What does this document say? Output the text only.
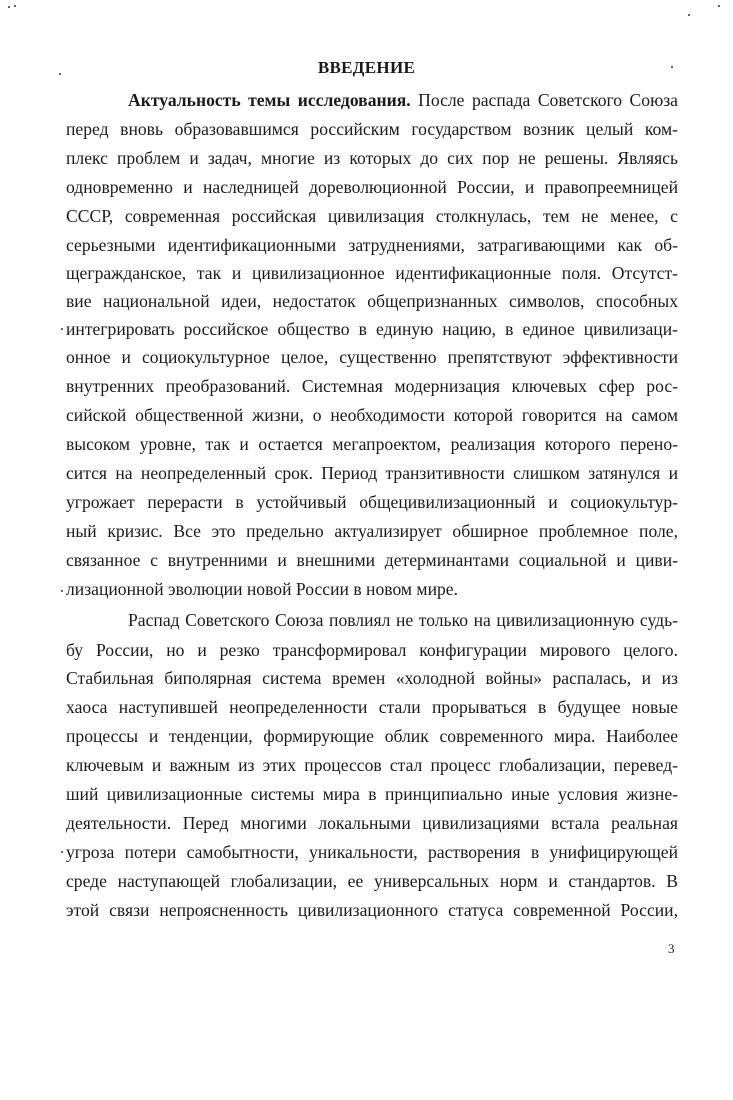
ВВЕДЕНИЕ
Актуальность темы исследования. После распада Советского Союза
перед вновь образовавшимся российским государством возник целый ком-
плекс проблем и задач, многие из которых до сих пор не решены. Являясь
одновременно и наследницей дореволюционной России, и правопреемницей
СССР, современная российская цивилизация столкнулась, тем не менее, с
серьезными идентификационными затруднениями, затрагивающими как об-
щегражданское, так и цивилизационное идентификационные поля. Отсутст-
вие национальной идеи, недостаток общепризнанных символов, способных
интегрировать российское общество в единую нацию, в единое цивилизаци-
онное и социокультурное целое, существенно препятствуют эффективности
внутренних преобразований. Системная модернизация ключевых сфер рос-
сийской общественной жизни, о необходимости которой говорится на самом
высоком уровне, так и остается мегапроектом, реализация которого перено-
сится на неопределенный срок. Период транзитивности слишком затянулся и
угрожает перерасти в устойчивый общецивилизационный и социокультур-
ный кризис. Все это предельно актуализирует обширное проблемное поле,
связанное с внутренними и внешними детерминантами социальной и циви-
лизационной эволюции новой России в новом мире.
Распад Советского Союза повлиял не только на цивилизационную судь-
бу России, но и резко трансформировал конфигурации мирового целого.
Стабильная биполярная система времен «холодной войны» распалась, и из
хаоса наступившей неопределенности стали прорываться в будущее новые
процессы и тенденции, формирующие облик современного мира. Наиболее
ключевым и важным из этих процессов стал процесс глобализации, перевед-
ший цивилизационные системы мира в принципиально иные условия жизне-
деятельности. Перед многими локальными цивилизациями встала реальная
угроза потери самобытности, уникальности, растворения в унифицирующей
среде наступающей глобализации, ее универсальных норм и стандартов. В
этой связи непроясненность цивилизационного статуса современной России,
3
